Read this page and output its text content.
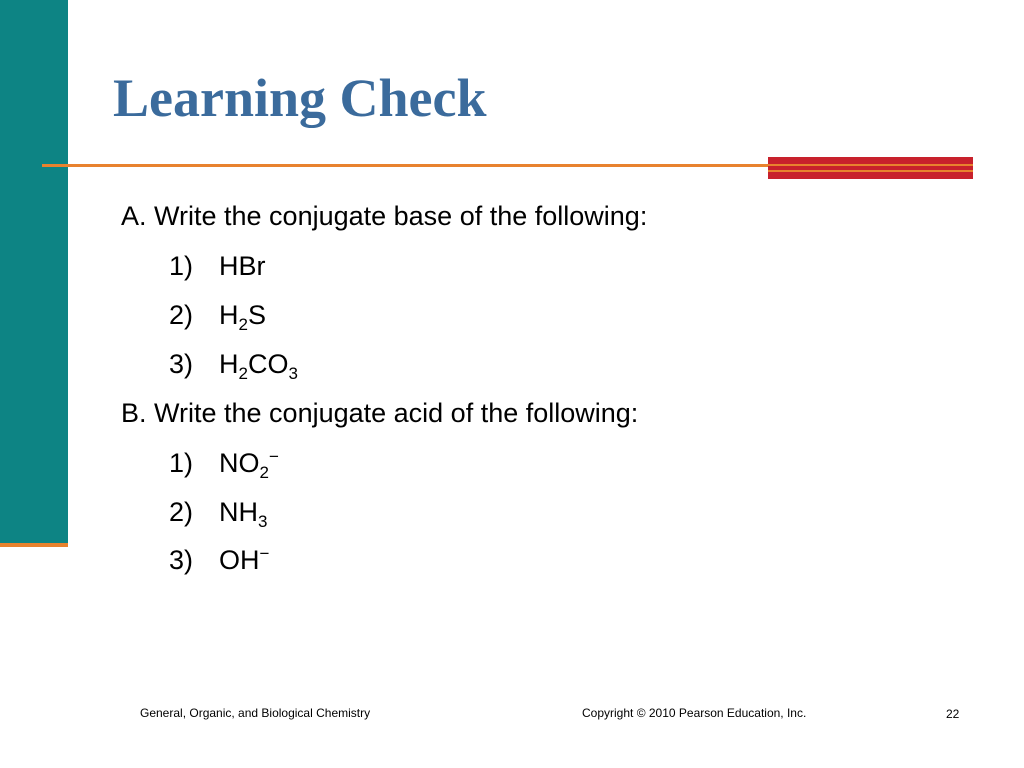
Learning Check
A. Write the conjugate base of the following:
1) HBr
2) $H_2S$
3) $H_2CO_3$
B. Write the conjugate acid of the following:
1) $NO_2^-$
2) $NH_3$
3) OH−
General, Organic, and Biological Chemistry	Copyright © 2010 Pearson Education, Inc.	22
